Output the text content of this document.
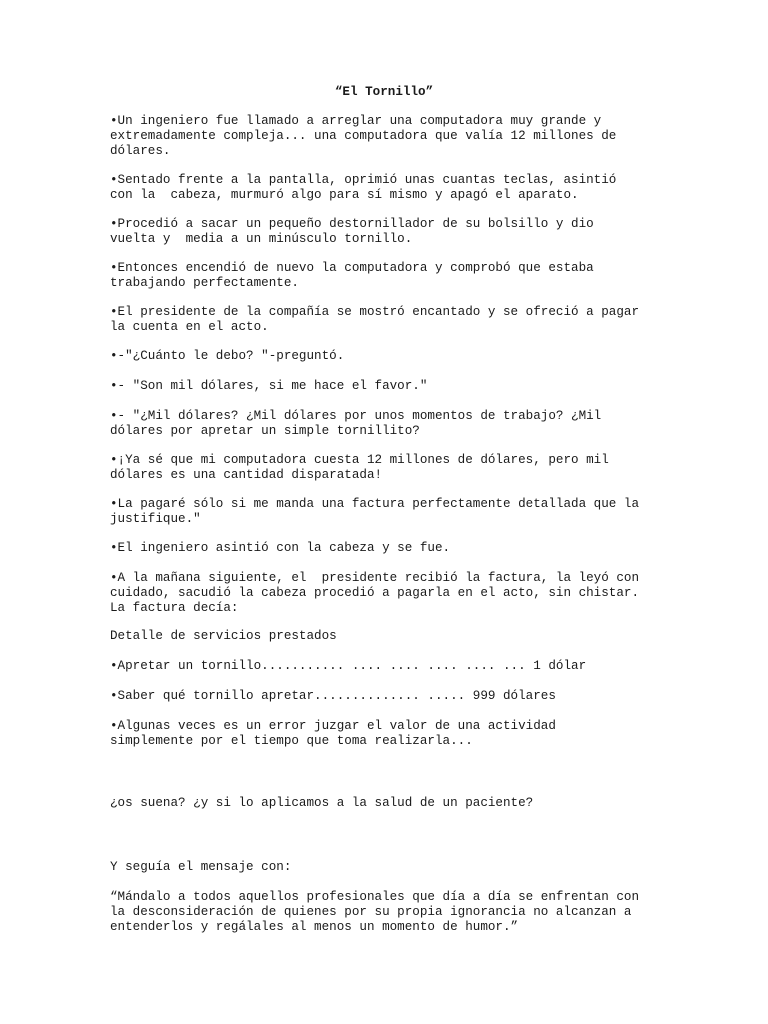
“El Tornillo”
•Un ingeniero fue llamado a arreglar una computadora muy grande y
extremadamente compleja... una computadora que valía 12 millones de
dólares.
•Sentado frente a la pantalla, oprimió unas cuantas teclas, asintió
con la  cabeza, murmuró algo para sí mismo y apagó el aparato.
•Procedió a sacar un pequeño destornillador de su bolsillo y dio
vuelta y  media a un minúsculo tornillo.
•Entonces encendió de nuevo la computadora y comprobó que estaba
trabajando perfectamente.
•El presidente de la compañía se mostró encantado y se ofreció a pagar
la cuenta en el acto.
•-"¿Cuánto le debo? "-preguntó.
•- "Son mil dólares, si me hace el favor."
•- "¿Mil dólares? ¿Mil dólares por unos momentos de trabajo? ¿Mil
dólares por apretar un simple tornillito?
•¡Ya sé que mi computadora cuesta 12 millones de dólares, pero mil
dólares es una cantidad disparatada!
•La pagaré sólo si me manda una factura perfectamente detallada que la
justifique."
•El ingeniero asintió con la cabeza y se fue.
•A la mañana siguiente, el  presidente recibió la factura, la leyó con
cuidado, sacudió la cabeza procedió a pagarla en el acto, sin chistar.
La factura decía:
Detalle de servicios prestados
•Apretar un tornillo........... .... .... .... .... ... 1 dólar
•Saber qué tornillo apretar.............. ..... 999 dólares
•Algunas veces es un error juzgar el valor de una actividad
simplemente por el tiempo que toma realizarla...
¿os suena? ¿y si lo aplicamos a la salud de un paciente?
Y seguía el mensaje con:
“Mándalo a todos aquellos profesionales que día a día se enfrentan con
la desconsideración de quienes por su propia ignorancia no alcanzan a
entenderlos y regálales al menos un momento de humor.”
